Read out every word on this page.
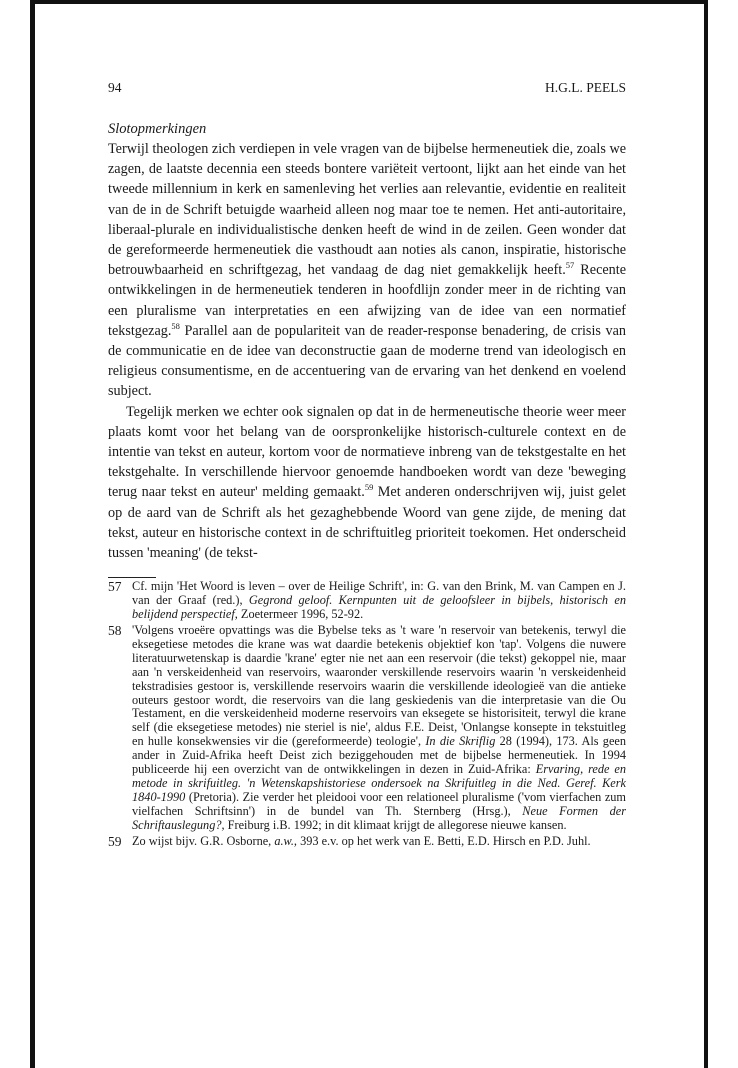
94	H.G.L. PEELS
Slotopmerkingen

Terwijl theologen zich verdiepen in vele vragen van de bijbelse hermeneutiek die, zoals we zagen, de laatste decennia een steeds bontere variëteit vertoont, lijkt aan het einde van het tweede millennium in kerk en samenleving het verlies aan relevantie, evidentie en realiteit van de in de Schrift betuigde waarheid alleen nog maar toe te nemen. Het anti-autoritaire, liberaal-plurale en individualistische denken heeft de wind in de zeilen. Geen wonder dat de gereformeerde hermeneutiek die vasthoudt aan noties als canon, inspiratie, historische betrouwbaarheid en schriftgezag, het vandaag de dag niet gemakkelijk heeft.$^{57}$ Recente ontwikkelingen in de hermeneutiek tenderen in hoofdlijn zonder meer in de richting van een pluralisme van interpretaties en een afwijzing van de idee van een normatief tekstgezag.$^{58}$ Parallel aan de populariteit van de reader-response benadering, de crisis van de communicatie en de idee van deconstructie gaan de moderne trend van ideologisch en religieus consumentisme, en de accentuering van de ervaring van het denkend en voelend subject.

Tegelijk merken we echter ook signalen op dat in de hermeneutische theorie weer meer plaats komt voor het belang van de oorspronkelijke historisch-culturele context en de intentie van tekst en auteur, kortom voor de normatieve inbreng van de tekstgestalte en het tekstgehalte. In verschillende hiervoor genoemde handboeken wordt van deze 'beweging terug naar tekst en auteur' melding gemaakt.$^{59}$ Met anderen onderschrijven wij, juist gelet op de aard van de Schrift als het gezaghebbende Woord van gene zijde, de mening dat tekst, auteur en historische context in de schriftuitleg prioriteit toekomen. Het onderscheid tussen 'meaning' (de tekst-

57 Cf. mijn 'Het Woord is leven – over de Heilige Schrift', in: G. van den Brink, M. van Campen en J. van der Graaf (red.), Gegrond geloof. Kernpunten uit de geloofsleer in bijbels, historisch en belijdend perspectief, Zoetermeer 1996, 52-92.
58 'Volgens vroeëre opvattings was die Bybelse teks as 't ware 'n reservoir van betekenis, terwyl die eksegetiese metodes die krane was wat daardie betekenis objektief kon 'tap'. Volgens die nuwere literatuurwetenskap is daardie 'krane' egter nie net aan een reservoir (die tekst) gekoppel nie, maar aan 'n verskeidenheid van reservoirs, waaronder verskillende reservoirs waarin 'n verskeidenheid tekstradisies gestoor is, verskillende reservoirs waarin die verskillende ideologieë van die antieke outeurs gestoor wordt, die reservoirs van die lang geskiedenis van die interpretasie van die Ou Testament, en die verskeidenheid moderne reservoirs van eksegete se historisiteit, terwyl die krane self (die eksegetiese metodes) nie steriel is nie', aldus F.E. Deist, 'Onlangse konsepte in tekstuitleg en hulle konsekwensies vir die (gereformeerde) teologie', In die Skriflig 28 (1994), 173. Als geen ander in Zuid-Afrika heeft Deist zich beziggehouden met de bijbelse hermeneutiek. In 1994 publiceerde hij een overzicht van de ontwikkelingen in dezen in Zuid-Afrika: Ervaring, rede en metode in skrifuitleg. 'n Wetenskapshistoriese ondersoek na Skrifuitleg in die Ned. Geref. Kerk 1840-1990 (Pretoria). Zie verder het pleidooi voor een relationeel pluralisme ('vom vierfachen zum vielfachen Schriftsinn') in de bundel van Th. Sternberg (Hrsg.), Neue Formen der Schriftauslegung?, Freiburg i.B. 1992; in dit klimaat krijgt de allegorese nieuwe kansen.
59 Zo wijst bijv. G.R. Osborne, a.w., 393 e.v. op het werk van E. Betti, E.D. Hirsch en P.D. Juhl.
